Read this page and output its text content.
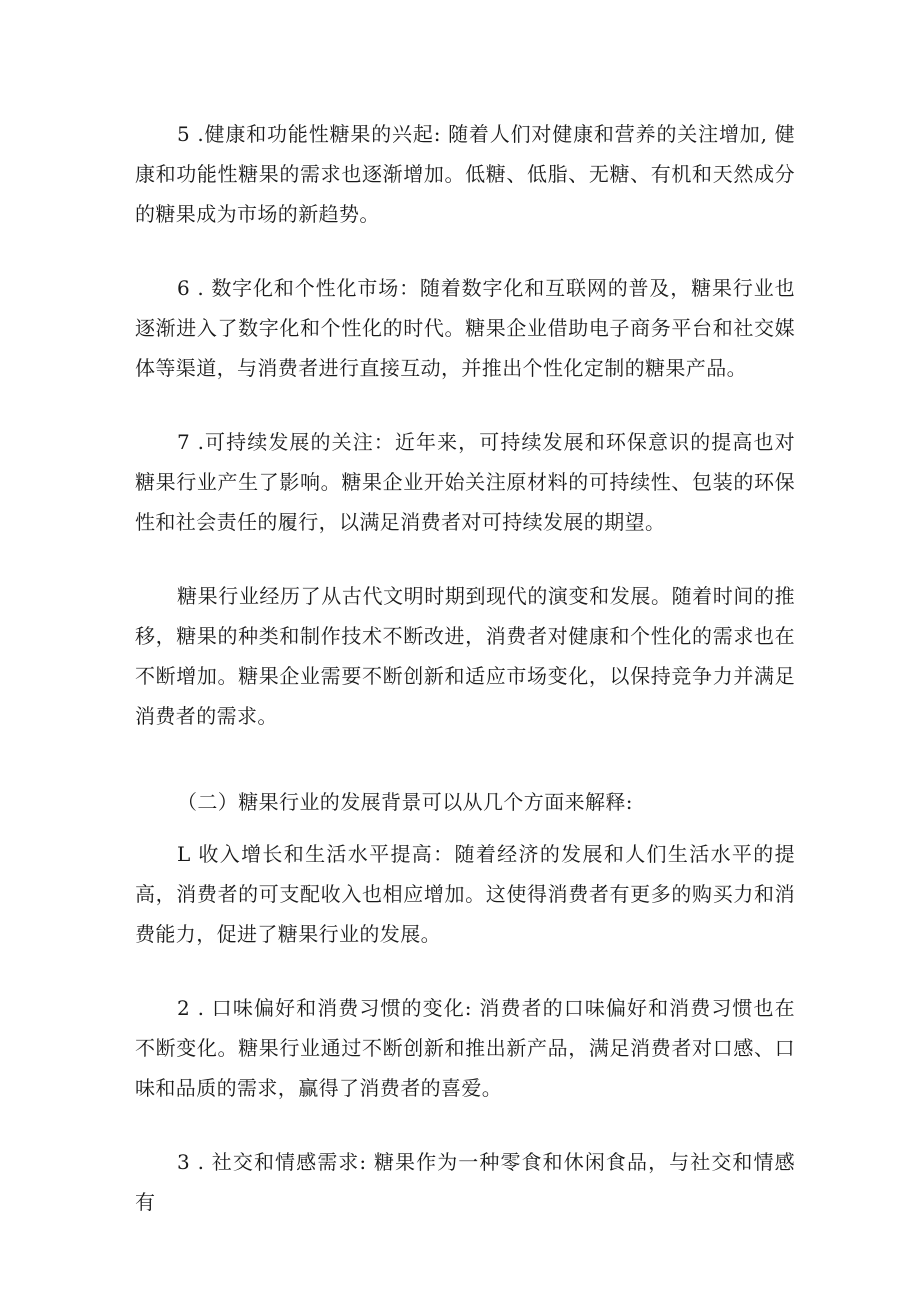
5 .健康和功能性糖果的兴起: 随着人们对健康和营养的关注增加, 健康和功能性糖果的需求也逐渐增加。低糖、低脂、无糖、有机和天然成分的糖果成为市场的新趋势。

6 . 数字化和个性化市场：随着数字化和互联网的普及，糖果行业也逐渐进入了数字化和个性化的时代。糖果企业借助电子商务平台和社交媒体等渠道，与消费者进行直接互动，并推出个性化定制的糖果产品。

7 .可持续发展的关注：近年来，可持续发展和环保意识的提高也对糖果行业产生了影响。糖果企业开始关注原材料的可持续性、包装的环保性和社会责任的履行，以满足消费者对可持续发展的期望。

糖果行业经历了从古代文明时期到现代的演变和发展。随着时间的推移，糖果的种类和制作技术不断改进，消费者对健康和个性化的需求也在不断增加。糖果企业需要不断创新和适应市场变化，以保持竞争力并满足消费者的需求。

（二）糖果行业的发展背景可以从几个方面来解释:

L 收入增长和生活水平提高：随着经济的发展和人们生活水平的提高，消费者的可支配收入也相应增加。这使得消费者有更多的购买力和消费能力，促进了糖果行业的发展。

2 . 口味偏好和消费习惯的变化: 消费者的口味偏好和消费习惯也在不断变化。糖果行业通过不断创新和推出新产品，满足消费者对口感、口味和品质的需求，赢得了消费者的喜爱。

3 . 社交和情感需求: 糖果作为一种零食和休闲食品，与社交和情感有
